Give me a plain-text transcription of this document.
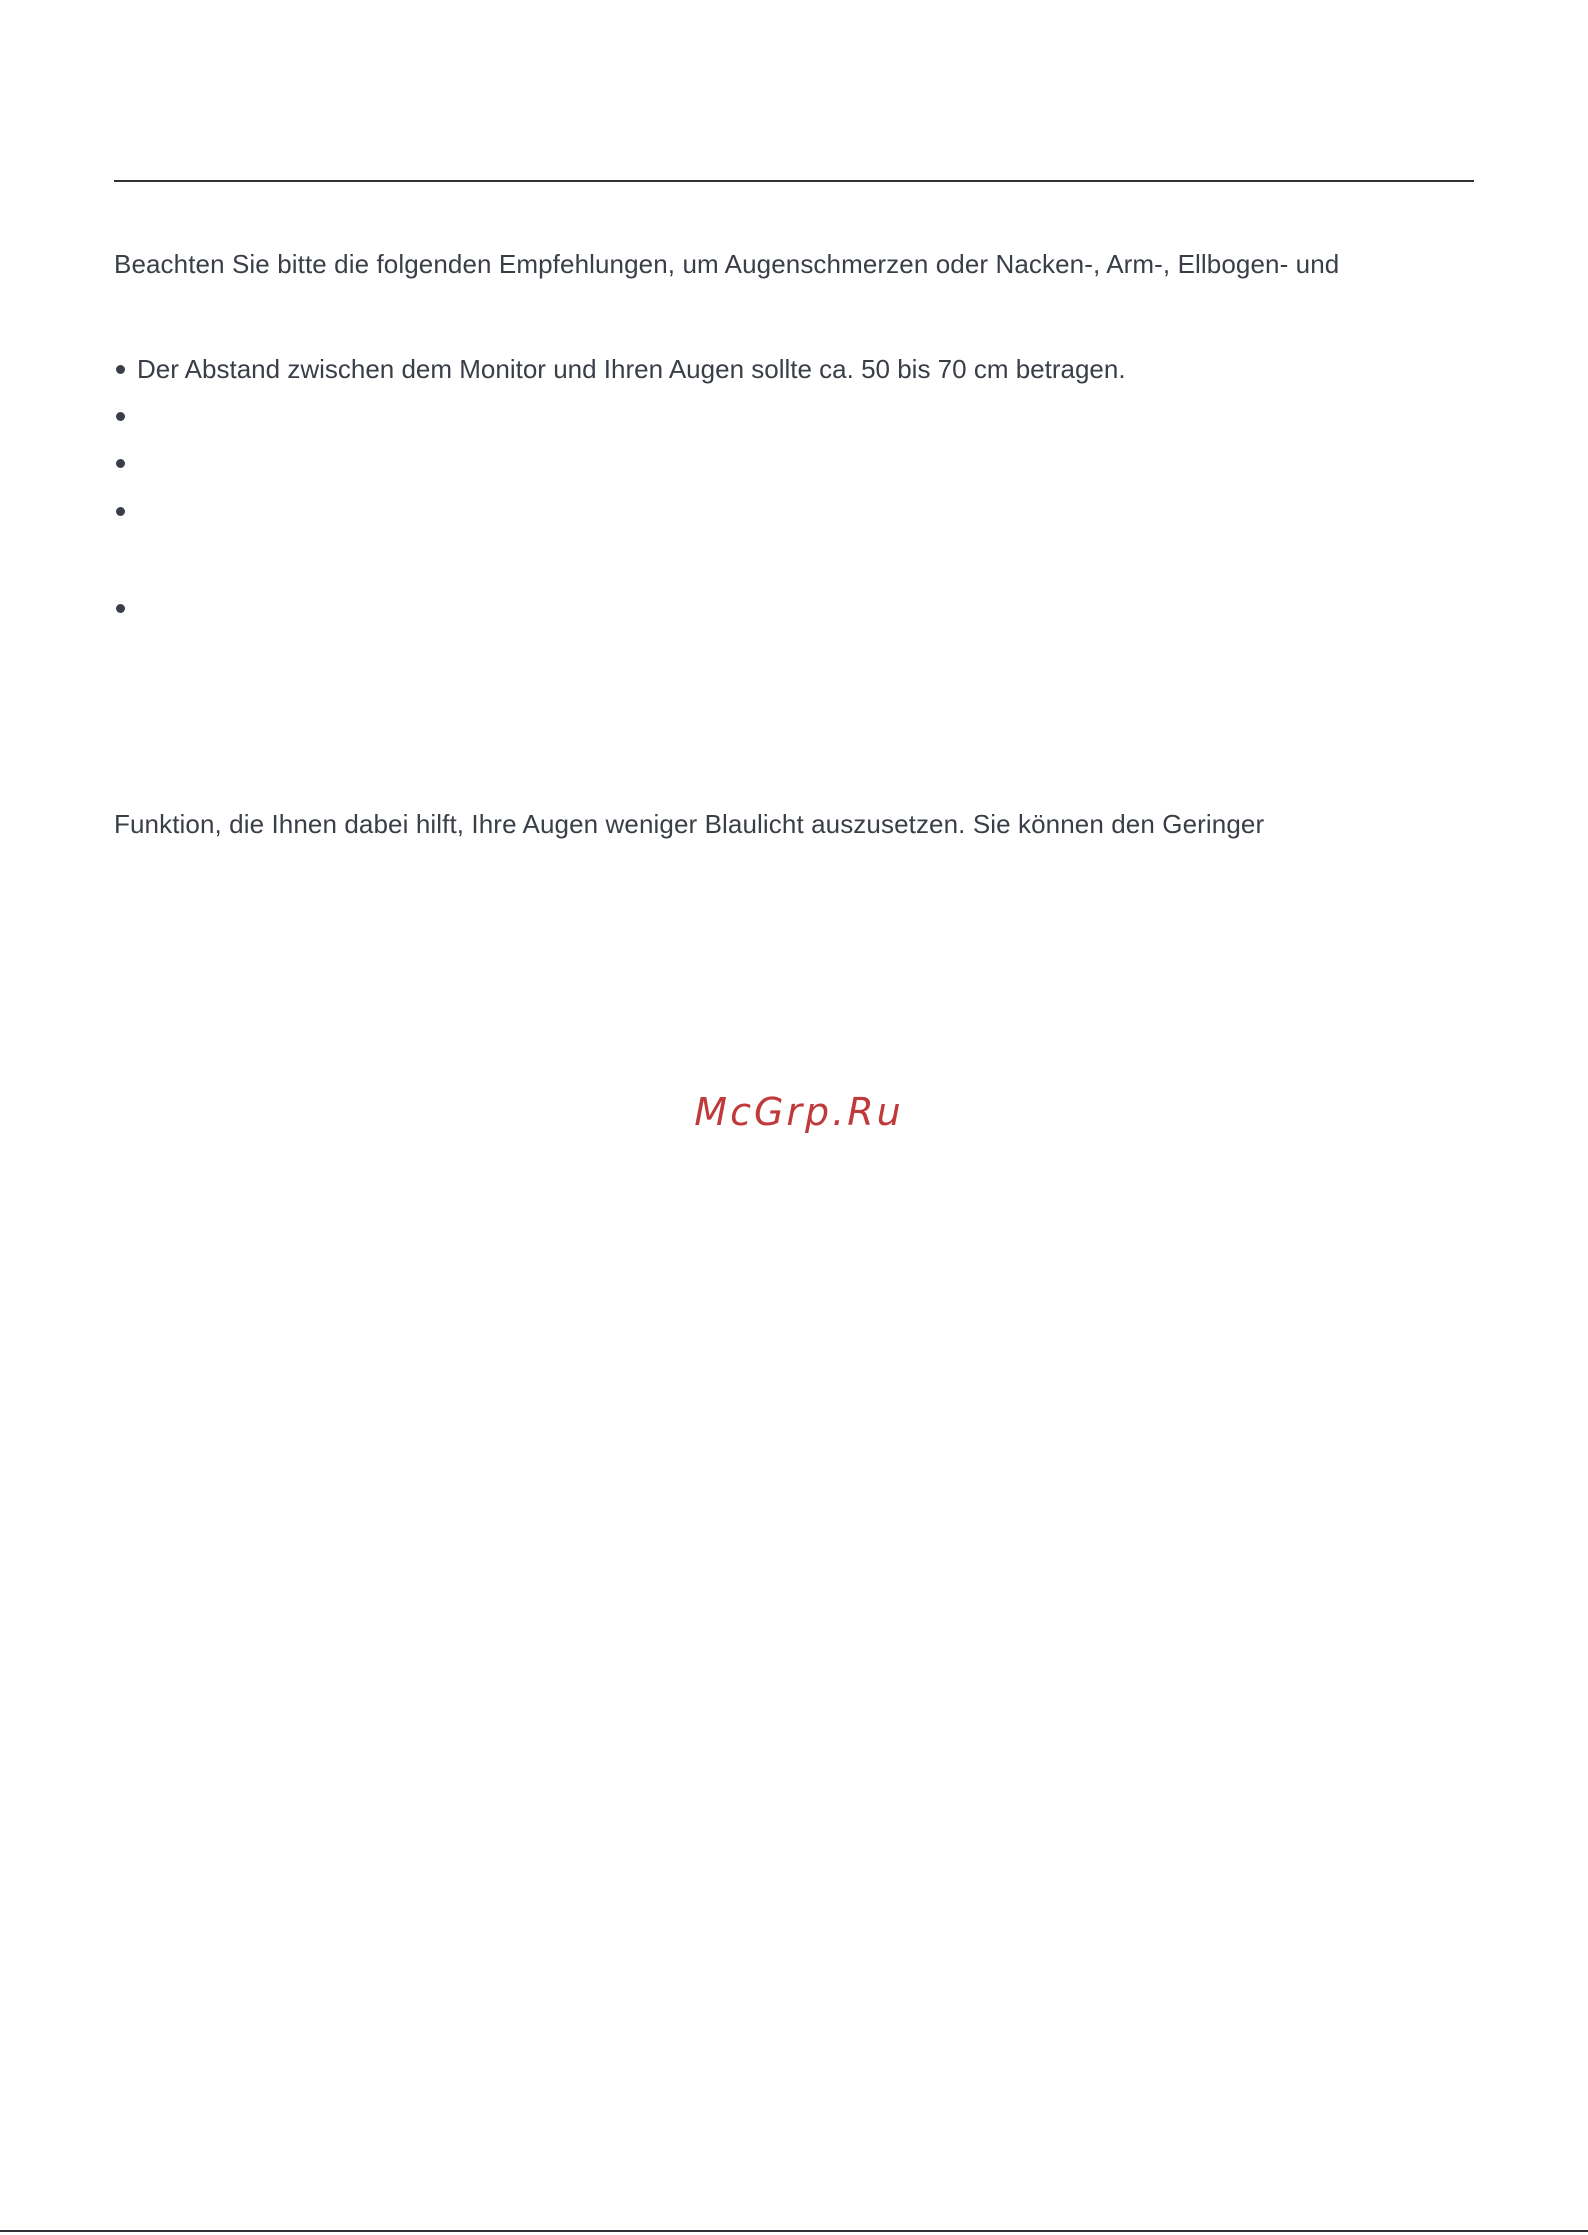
Beachten Sie bitte die folgenden Empfehlungen, um Augenschmerzen oder Nacken-, Arm-, Ellbogen- und
Der Abstand zwischen dem Monitor und Ihren Augen sollte ca. 50 bis 70 cm betragen.
Funktion, die Ihnen dabei hilft, Ihre Augen weniger Blaulicht auszusetzen. Sie können den Geringer
McGrp.Ru
